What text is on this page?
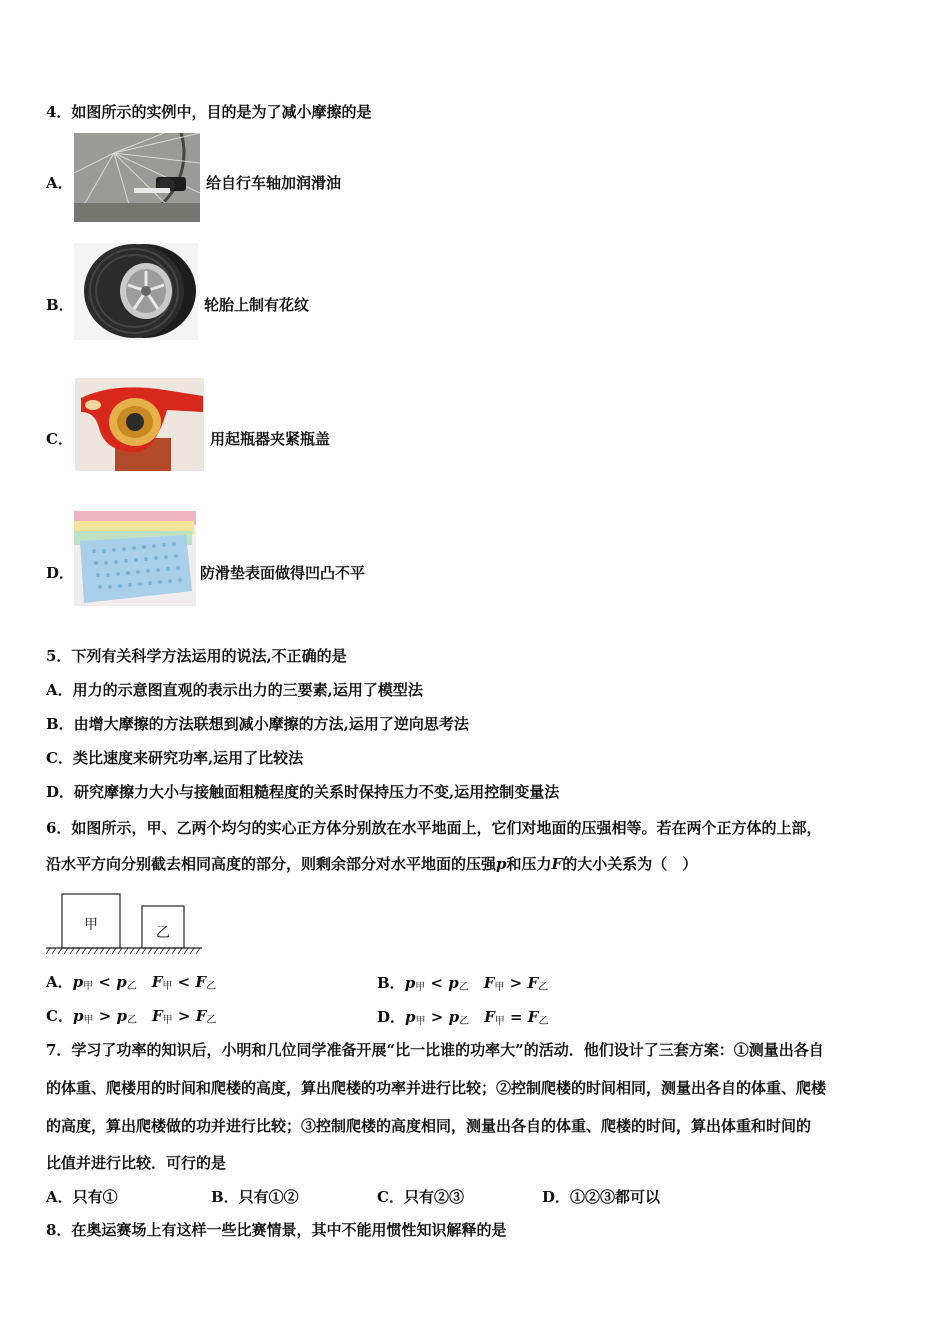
4．如图所示的实例中，目的是为了减小摩擦的是
A．	给自行车轴加润滑油
B．	轮胎上制有花纹
C．	用起瓶器夹紧瓶盖
D．	防滑垫表面做得凹凸不平
5．下列有关科学方法运用的说法,不正确的是
A．用力的示意图直观的表示出力的三要素,运用了模型法
B．由增大摩擦的方法联想到减小摩擦的方法,运用了逆向思考法
C．类比速度来研究功率,运用了比较法
D．研究摩擦力大小与接触面粗糙程度的关系时保持压力不变,运用控制变量法
6．如图所示，甲、乙两个均匀的实心正方体分别放在水平地面上，它们对地面的压强相等。若在两个正方体的上部，
沿水平方向分别截去相同高度的部分，则剩余部分对水平地面的压强p和压力F的大小关系为（　）
甲	乙
A．$p_甲 < p_乙$　 $F_甲 < F_乙$	B．$p_甲 < p_乙$　 $F_甲 > F_乙$
C．$p_甲 > p_乙$　 $F_甲 > F_乙$	D．$p_甲 > p_乙$　 $F_甲 = F_乙$
7．学习了功率的知识后，小明和几位同学准备开展“比一比谁的功率大”的活动．他们设计了三套方案：①测量出各自
的体重、爬楼用的时间和爬楼的高度，算出爬楼的功率并进行比较；②控制爬楼的时间相同，测量出各自的体重、爬楼
的高度，算出爬楼做的功并进行比较；③控制爬楼的高度相同，测量出各自的体重、爬楼的时间，算出体重和时间的
比值并进行比较．可行的是
A．只有①	B．只有①②	C．只有②③	D．①②③都可以
8．在奥运赛场上有这样一些比赛情景，其中不能用惯性知识解释的是
